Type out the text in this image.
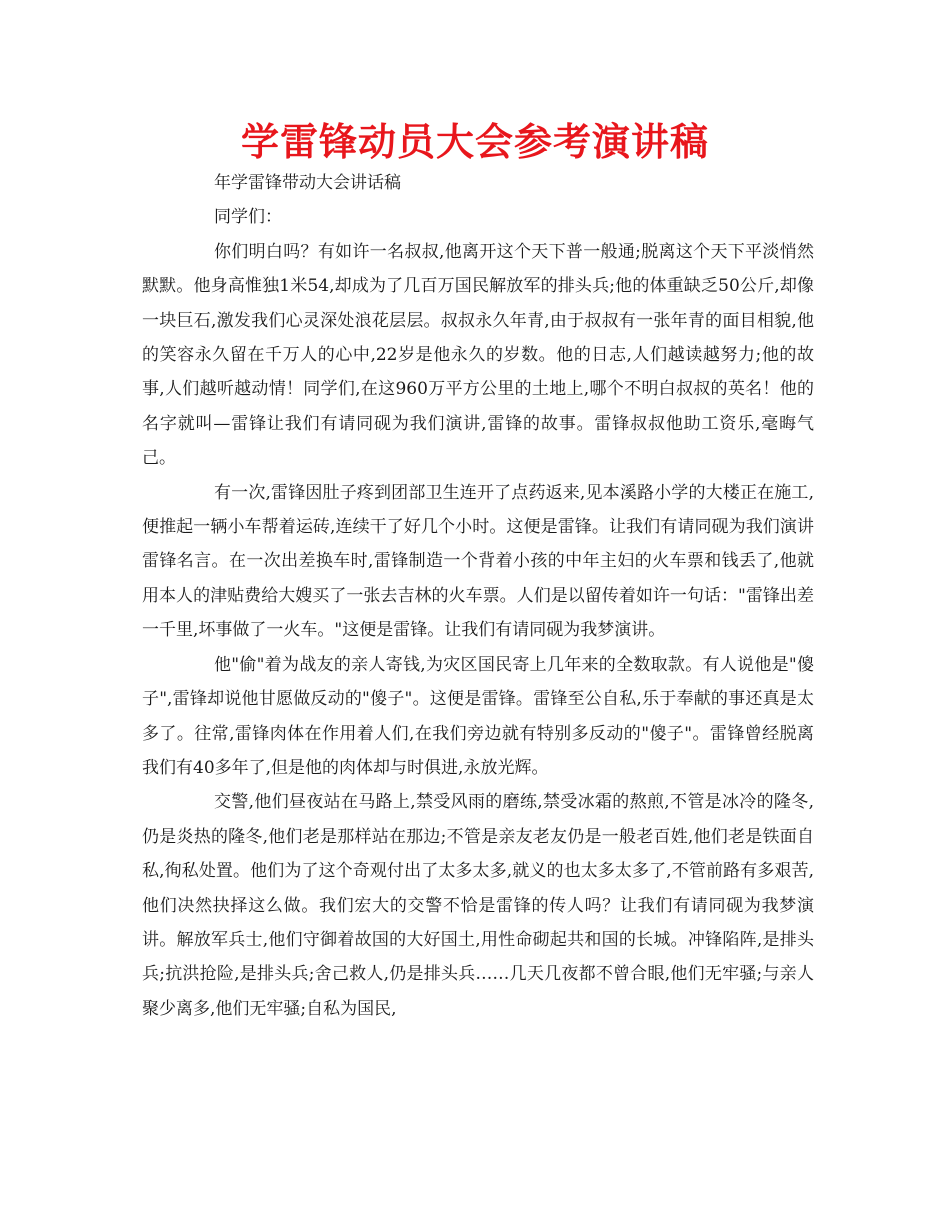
学雷锋动员大会参考演讲稿

年学雷锋带动大会讲话稿

同学们：

你们明白吗？有如许一名叔叔,他离开这个天下普一般通;脱离这个天下平淡悄然默默。他身高惟独1米54,却成为了几百万国民解放军的排头兵;他的体重缺乏50公斤,却像一块巨石,激发我们心灵深处浪花层层。叔叔永久年青,由于叔叔有一张年青的面目相貌,他的笑容永久留在千万人的心中,22岁是他永久的岁数。他的日志,人们越读越努力;他的故事,人们越听越动情！同学们,在这960万平方公里的土地上,哪个不明白叔叔的英名！他的名字就叫—雷锋让我们有请同砚为我们演讲,雷锋的故事。雷锋叔叔他助工资乐,毫晦气己。

有一次,雷锋因肚子疼到团部卫生连开了点药返来,见本溪路小学的大楼正在施工,便推起一辆小车帮着运砖,连续干了好几个小时。这便是雷锋。让我们有请同砚为我们演讲雷锋名言。在一次出差换车时,雷锋制造一个背着小孩的中年主妇的火车票和钱丢了,他就用本人的津贴费给大嫂买了一张去吉林的火车票。人们是以留传着如许一句话："雷锋出差一千里,坏事做了一火车。"这便是雷锋。让我们有请同砚为我梦演讲。

他"偷"着为战友的亲人寄钱,为灾区国民寄上几年来的全数取款。有人说他是"傻子",雷锋却说他甘愿做反动的"傻子"。这便是雷锋。雷锋至公自私,乐于奉献的事还真是太多了。往常,雷锋肉体在作用着人们,在我们旁边就有特别多反动的"傻子"。雷锋曾经脱离我们有40多年了,但是他的肉体却与时俱进,永放光辉。

交警,他们昼夜站在马路上,禁受风雨的磨练,禁受冰霜的熬煎,不管是冰冷的隆冬,仍是炎热的隆冬,他们老是那样站在那边;不管是亲友老友仍是一般老百姓,他们老是铁面自私,徇私处置。他们为了这个奇观付出了太多太多,就义的也太多太多了,不管前路有多艰苦,他们决然抉择这么做。我们宏大的交警不恰是雷锋的传人吗？让我们有请同砚为我梦演讲。解放军兵士,他们守御着故国的大好国土,用性命砌起共和国的长城。冲锋陷阵,是排头兵;抗洪抢险,是排头兵;舍己救人,仍是排头兵……几天几夜都不曾合眼,他们无牢骚;与亲人聚少离多,他们无牢骚;自私为国民,
